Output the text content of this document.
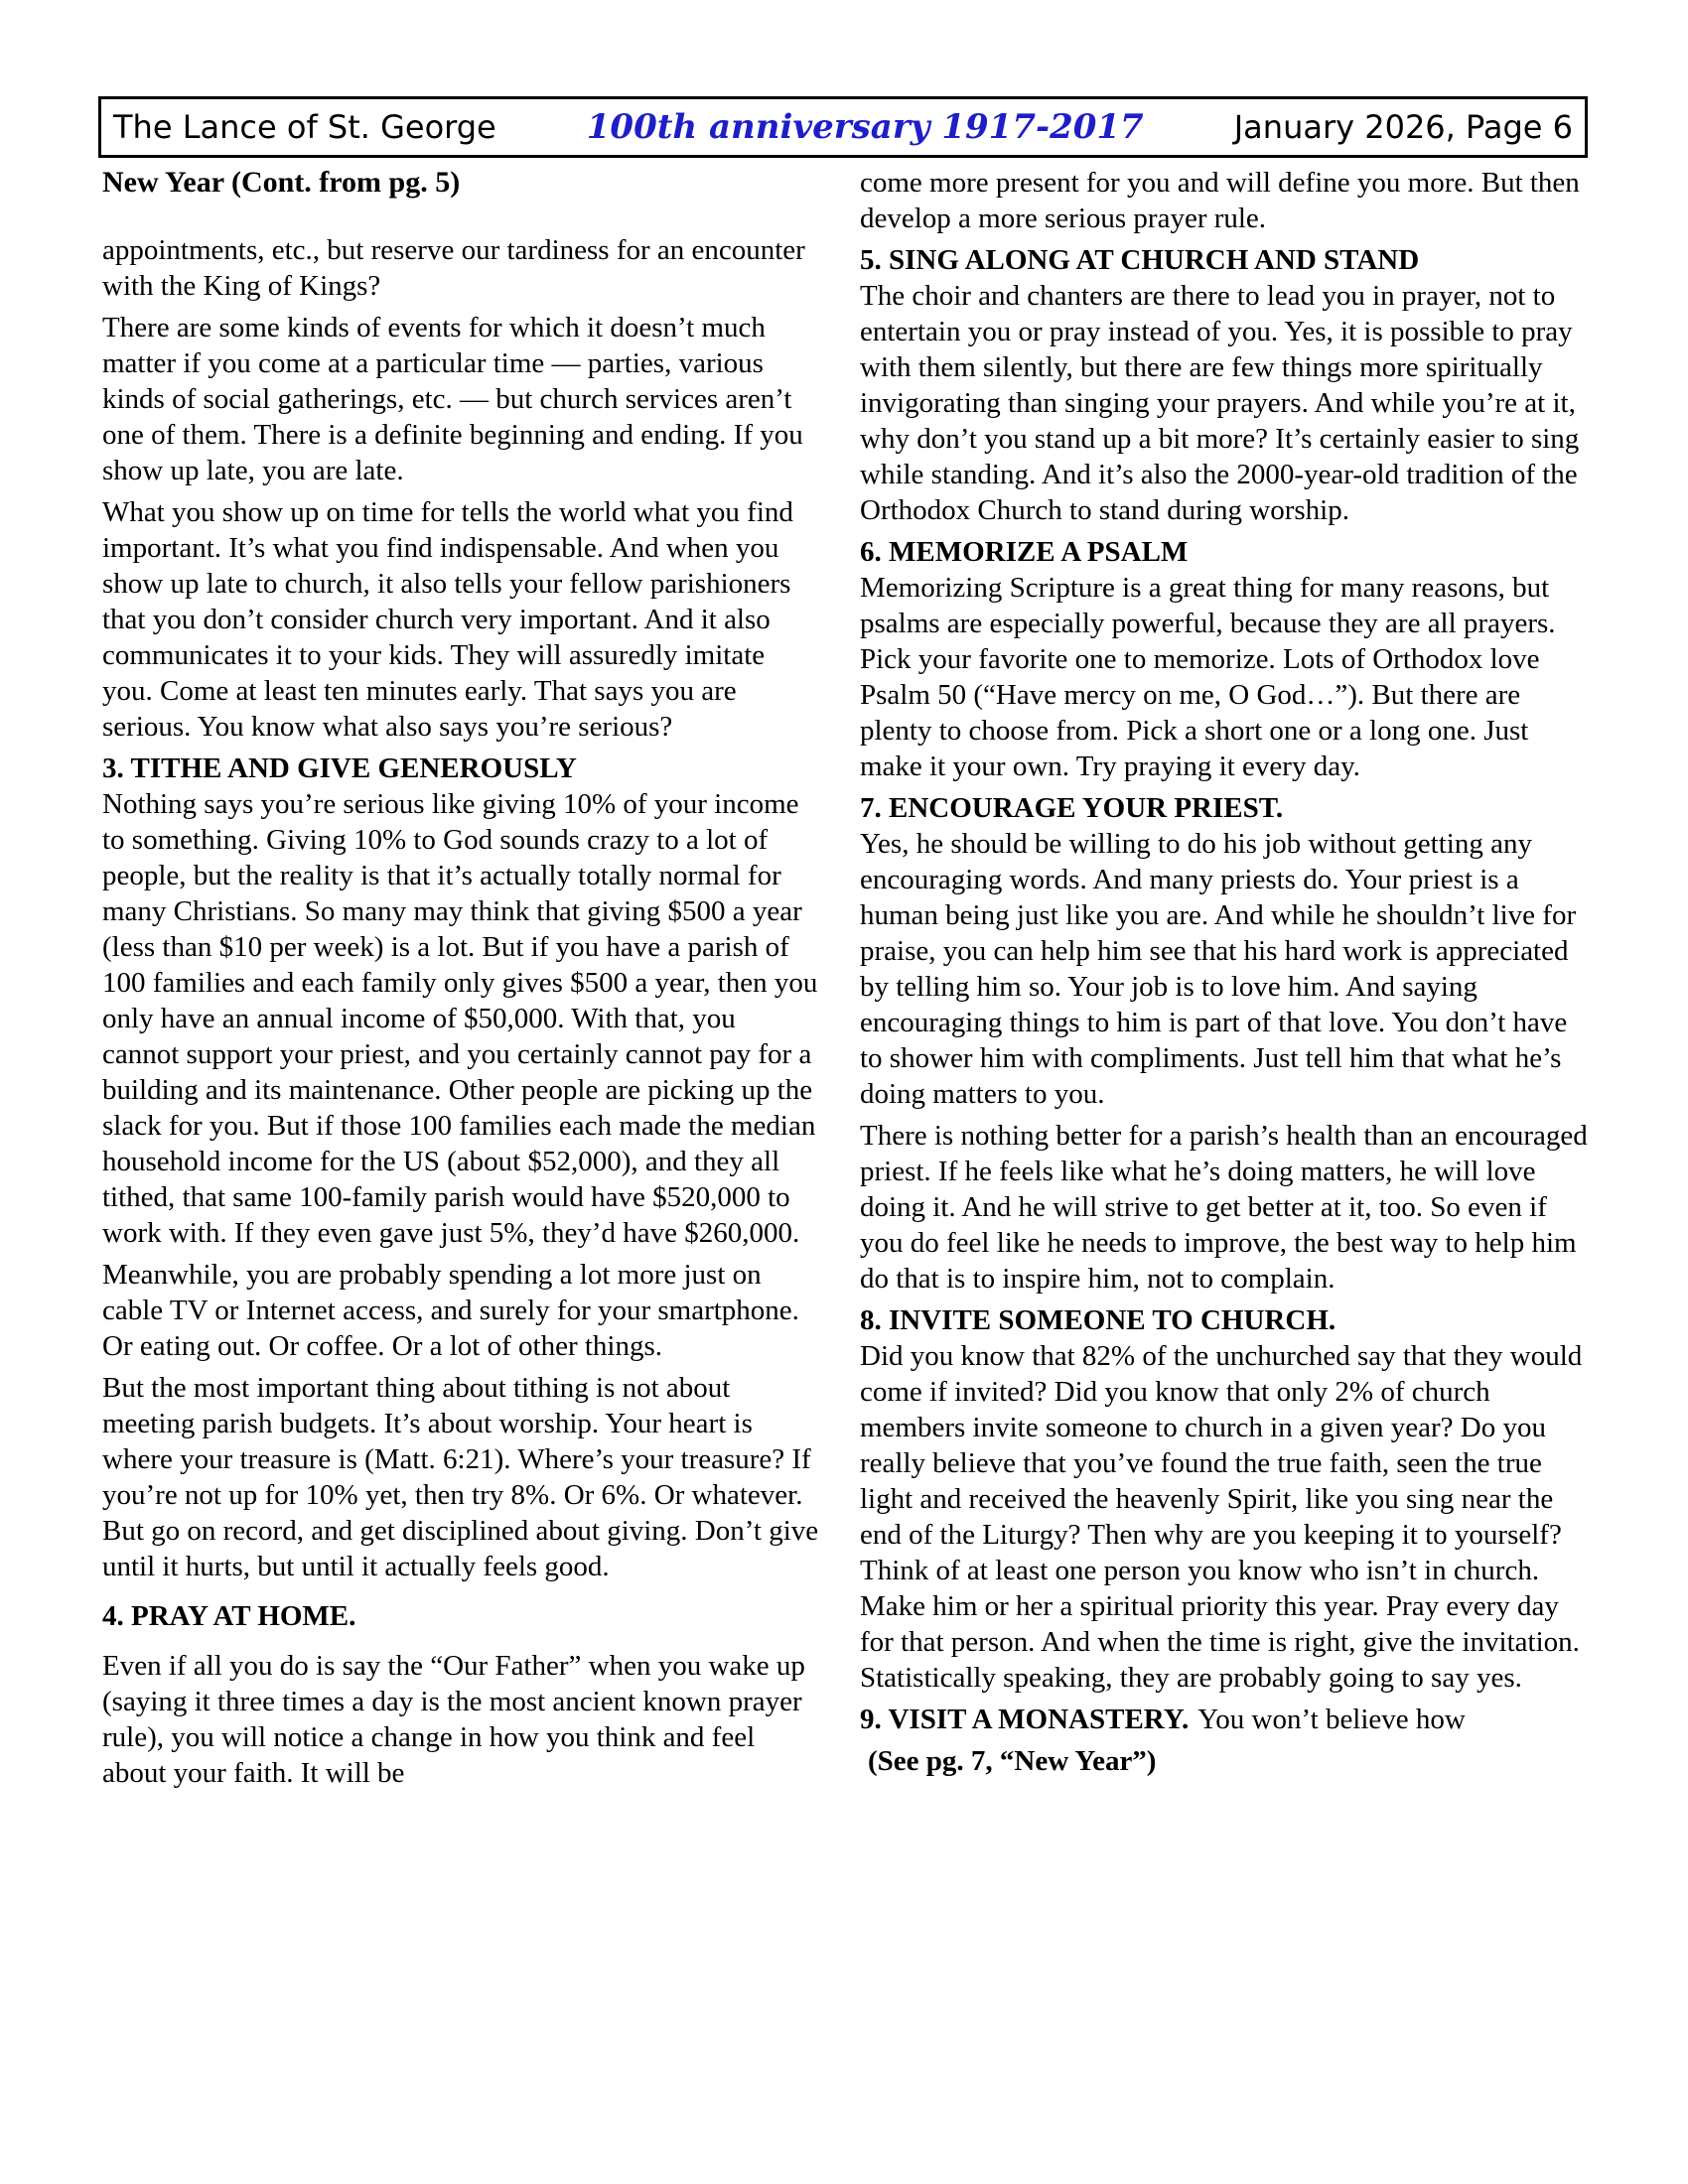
The Lance of St. George	100th anniversary 1917-2017	January 2026, Page 6
New Year (Cont. from pg. 5)

appointments, etc., but reserve our tardiness for an encounter with the King of Kings?

There are some kinds of events for which it doesn’t much matter if you come at a particular time — parties, various kinds of social gatherings, etc. — but church services aren’t one of them. There is a definite beginning and ending. If you show up late, you are late.

What you show up on time for tells the world what you find important. It’s what you find indispensable. And when you show up late to church, it also tells your fellow parishioners that you don’t consider church very important. And it also communicates it to your kids. They will assuredly imitate you. Come at least ten minutes early. That says you are serious. You know what also says you’re serious?

3. TITHE AND GIVE GENEROUSLY

Nothing says you’re serious like giving 10% of your income to something. Giving 10% to God sounds crazy to a lot of people, but the reality is that it’s actually totally normal for many Christians. So many may think that giving $500 a year (less than $10 per week) is a lot. But if you have a parish of 100 families and each family only gives $500 a year, then you only have an annual income of $50,000. With that, you cannot support your priest, and you certainly cannot pay for a building and its maintenance. Other people are picking up the slack for you. But if those 100 families each made the median household income for the US (about $52,000), and they all tithed, that same 100-family parish would have $520,000 to work with. If they even gave just 5%, they’d have $260,000.

Meanwhile, you are probably spending a lot more just on cable TV or Internet access, and surely for your smartphone. Or eating out. Or coffee. Or a lot of other things.

But the most important thing about tithing is not about meeting parish budgets. It’s about worship. Your heart is where your treasure is (Matt. 6:21). Where’s your treasure? If you’re not up for 10% yet, then try 8%. Or 6%. Or whatever. But go on record, and get disciplined about giving. Don’t give until it hurts, but until it actually feels good.

4. PRAY AT HOME.

Even if all you do is say the “Our Father” when you wake up (saying it three times a day is the most ancient known prayer rule), you will notice a change in how you think and feel about your faith. It will be

come more present for you and will define you more. But then develop a more serious prayer rule.

5. SING ALONG AT CHURCH AND STAND

The choir and chanters are there to lead you in prayer, not to entertain you or pray instead of you. Yes, it is possible to pray with them silently, but there are few things more spiritually invigorating than singing your prayers. And while you’re at it, why don’t you stand up a bit more? It’s certainly easier to sing while standing. And it’s also the 2000-year-old tradition of the Orthodox Church to stand during worship.

6. MEMORIZE A PSALM

Memorizing Scripture is a great thing for many reasons, but psalms are especially powerful, because they are all prayers. Pick your favorite one to memorize. Lots of Orthodox love Psalm 50 (“Have mercy on me, O God…”). But there are plenty to choose from. Pick a short one or a long one. Just make it your own. Try praying it every day.

7. ENCOURAGE YOUR PRIEST.

Yes, he should be willing to do his job without getting any encouraging words. And many priests do. Your priest is a human being just like you are. And while he shouldn’t live for praise, you can help him see that his hard work is appreciated by telling him so. Your job is to love him. And saying encouraging things to him is part of that love. You don’t have to shower him with compliments. Just tell him that what he’s doing matters to you.

There is nothing better for a parish’s health than an encouraged priest. If he feels like what he’s doing matters, he will love doing it. And he will strive to get better at it, too. So even if you do feel like he needs to improve, the best way to help him do that is to inspire him, not to complain.

8. INVITE SOMEONE TO CHURCH.

Did you know that 82% of the unchurched say that they would come if invited? Did you know that only 2% of church members invite someone to church in a given year? Do you really believe that you’ve found the true faith, seen the true light and received the heavenly Spirit, like you sing near the end of the Liturgy? Then why are you keeping it to yourself? Think of at least one person you know who isn’t in church. Make him or her a spiritual priority this year. Pray every day for that person. And when the time is right, give the invitation. Statistically speaking, they are probably going to say yes.

9. VISIT A MONASTERY. You won’t believe how

(See pg. 7, “New Year”)
